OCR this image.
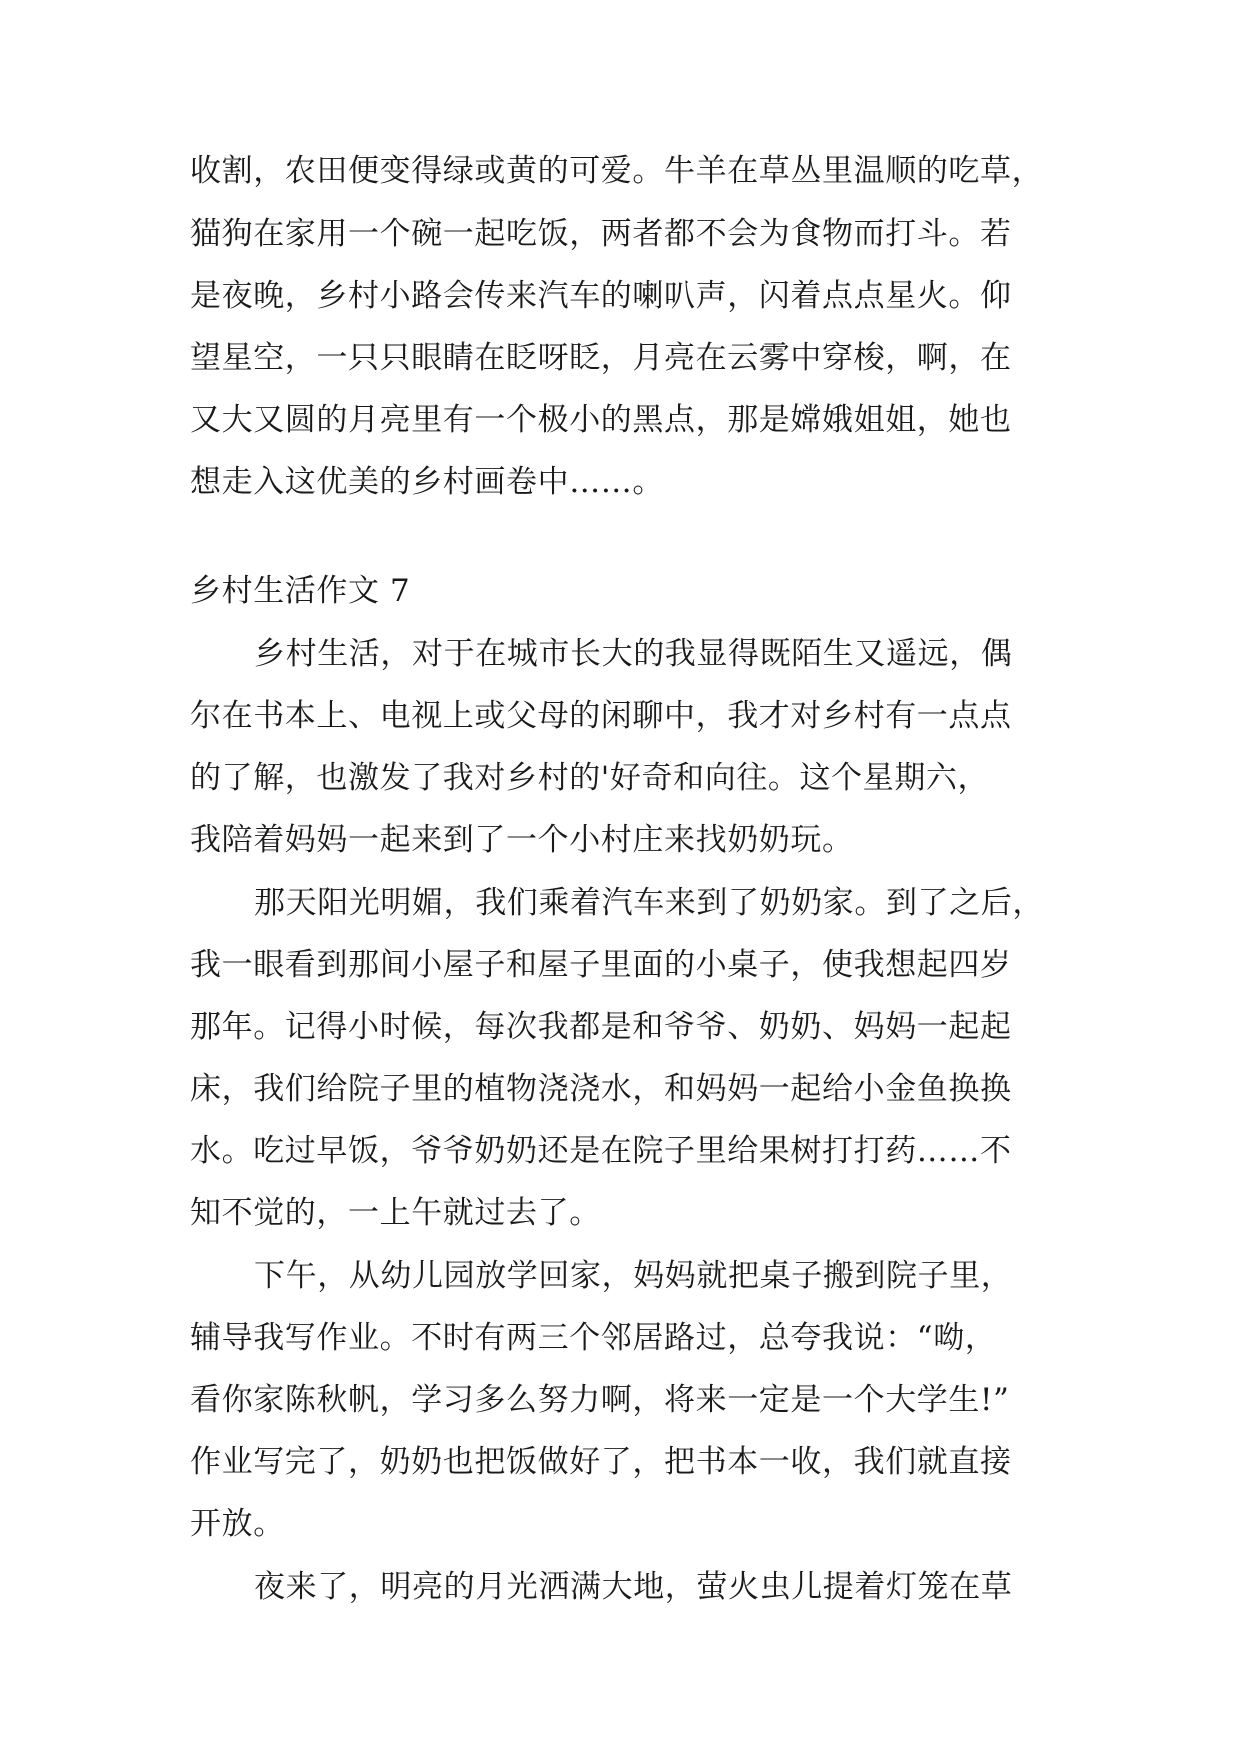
收割，农田便变得绿或黄的可爱。牛羊在草丛里温顺的吃草，
猫狗在家用一个碗一起吃饭，两者都不会为食物而打斗。若
是夜晚，乡村小路会传来汽车的喇叭声，闪着点点星火。仰
望星空，一只只眼睛在眨呀眨，月亮在云雾中穿梭，啊，在
又大又圆的月亮里有一个极小的黑点，那是嫦娥姐姐，她也
想走入这优美的乡村画卷中……。
乡村生活作文 7
乡村生活，对于在城市长大的我显得既陌生又遥远，偶
尔在书本上、电视上或父母的闲聊中，我才对乡村有一点点
的了解，也激发了我对乡村的'好奇和向往。这个星期六，
我陪着妈妈一起来到了一个小村庄来找奶奶玩。
那天阳光明媚，我们乘着汽车来到了奶奶家。到了之后，
我一眼看到那间小屋子和屋子里面的小桌子，使我想起四岁
那年。记得小时候，每次我都是和爷爷、奶奶、妈妈一起起
床，我们给院子里的植物浇浇水，和妈妈一起给小金鱼换换
水。吃过早饭，爷爷奶奶还是在院子里给果树打打药……不
知不觉的，一上午就过去了。
下午，从幼儿园放学回家，妈妈就把桌子搬到院子里，
辅导我写作业。不时有两三个邻居路过，总夸我说：“呦，
看你家陈秋帆，学习多么努力啊，将来一定是一个大学生!”
作业写完了，奶奶也把饭做好了，把书本一收，我们就直接
开放。
夜来了，明亮的月光洒满大地，萤火虫儿提着灯笼在草
